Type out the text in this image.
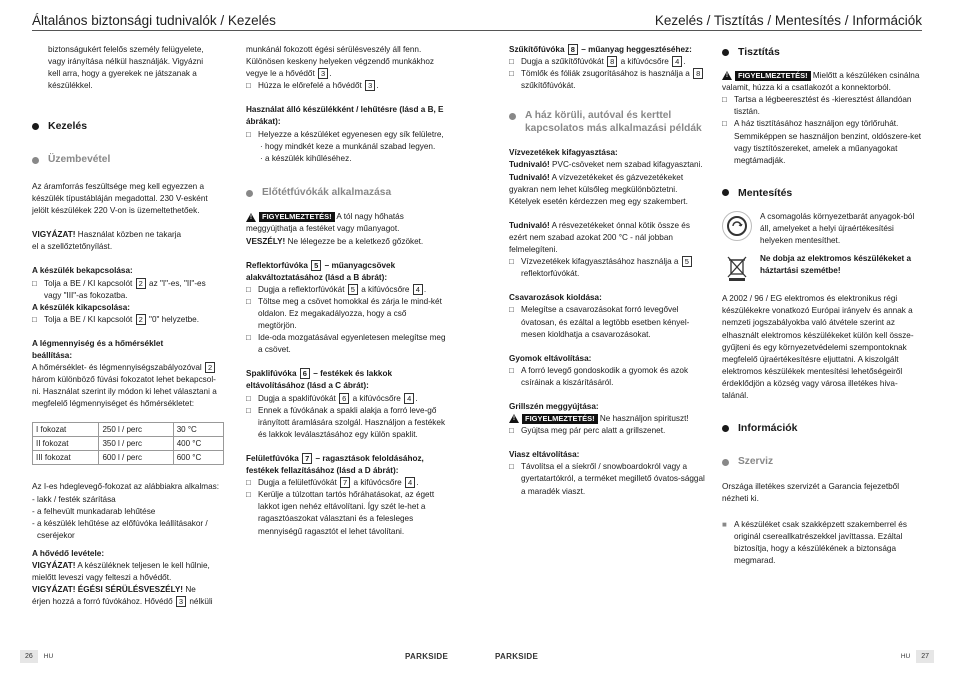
Általános biztonsági tudnivalók / Kezelés

biztonságukért felelős személy felügyelete,

vagy irányítása nélkül használják. Vigyázni

kell arra, hogy a gyerekek ne játszanak a

készülékkel.

Kezelés
Üzembevétel

Az áramforrás feszültsége meg kell egyezzen a

készülék típustábláján megadottal. 230 V-esként

jelölt készülékek 220 V-on is üzemeltethetőek.

VIGYÁZAT! Használat közben ne takarja

el a szellőztetőnyílást.

A készülék bekapcsolása:

□ Tolja a BE / KI kapcsolót 2 az "I"-es, "II"-es
vagy "III"-as fokozatba.

A készülék kikapcsolása:

□ Tolja a BE / KI kapcsolót 2 "0" helyzetbe.

A légmennyiség és a hőmérséklet

beállítása:

A hőmérséklet- és légmennyiségszabályozóval 2

három különböző fúvási fokozatot lehet bekapcsol-

ni. Használat szerint ily módon ki lehet választani a

megfelelő légmennyiséget és hőmérsékletet:

I fokozat	250 l / perc	30 °C
II fokozat	350 l / perc	400 °C
III fokozat	600 l / perc	600 °C

Az I-es hdeglevegő-fokozat az alábbiakra alkalmas:

- lakk / festék szárítása

- a felhevült munkadarab lehűtése

- a készülék lehűtése az előfúvóka leállításakor /

cseréjekor

A hővédő levétele:

VIGYÁZAT! A készüléknek teljesen le kell hűlnie,

mielőtt leveszi vagy felteszi a hővédőt.

VIGYÁZAT! ÉGÉSI SÉRÜLÉSVESZÉLY! Ne

érjen hozzá a forró fúvókához. Hővédő 3 nélküli

munkánál fokozott égési sérülésveszély áll fenn.

Különösen keskeny helyeken végzendő munkákhoz

vegye le a hővédőt 3 .

□ Húzza le előrefelé a hővédőt 3 .

Használat álló készülékként / lehűtésre (lásd a B, E ábrákat):

□ Helyezze a készüléket egyenesen egy sík felületre,

· hogy mindkét keze a munkánál szabad legyen.

· a készülék kihűléséhez.

Előtétfúvókák alkalmazása

!	FIGYELMEZTETÉS! A tól nagy hőhatás

meggyújthatja a festéket vagy műanyagot.

VESZÉLY! Ne lélegezze be a keletkező gőzöket.

Reflektorfúvóka 5 – műanyagcsövek alakváltoztatásához (lásd a B ábrát):

□ Dugja a reflektorfúvókát 5 a kifúvócsőre 4 .
□ Töltse meg a csövet homokkal és zárja le mind-két oldalon. Ez megakadályozza, hogy a cső megtörjön.
□ Ide-oda mozgatásával egyenletesen melegítse meg a csövet.

Spaklifúvóka 6 – festékek és lakkok eltávolításához (lásd a C ábrát):

□ Dugja a spaklifúvókát 6 a kifúvócsőre 4 .
□ Ennek a fúvókának a spakli alakja a forró leve-gő irányított áramlására szolgál. Használjon a festékek és lakkok leválasztásához egy külön spaklit.

Felületfúvóka 7 – ragasztások feloldásához, festékek fellazításához (lásd a D ábrát):

□ Dugja a felületfúvókát 7 a kifúvócsőre 4 .
□ Kerülje a túlzottan tartós hőráhatásokat, az égett lakkot igen nehéz eltávolítani. Így szét le-het a ragasztóaszokat választani és a felesleges mennyiségű ragasztót el lehet távolítani.
26	HU	PARKSIDE
Kezelés / Tisztítás / Mentesítés / Információk

Szűkítőfúvóka 8 – műanyag heggesztéséhez:

□ Dugja a szűkítőfúvókát 8 a kifúvócsőre 4 .
□ Tömlők és fóliák zsugorításához is használja a 8 szűkítőfúvókát.
A ház körüli, autóval és kerttel kapcsolatos más alkalmazási példák

Vízvezetékek kifagyasztása:

Tudnivaló! PVC-csöveket nem szabad kifagyasztani.

Tudnivaló! A vízvezetékeket és gázvezetékeket gyakran nem lehet külsőleg megkülönböztetni. Kételyek esetén kérdezzen meg egy szakembert.

Tudnivaló! A résvezetékeket ónnal kötik össze és ezért nem szabad azokat 200 °C - nál jobban felmelegíteni.

□ Vízvezetékek kifagyasztásához használja a 5 reflektorfúvókát.

Csavarozások kioldása:

□ Melegítse a csavarozásokat forró levegővel óvatosan, és ezáltal a legtöbb esetben kényel-mesen kioldhatja a csavarozásokat.

Gyomok eltávolítása:

□ A forró levegő gondoskodik a gyomok és azok csíráinak a kiszárításáról.

Grillszén meggyújtása:

!	FIGYELMEZTETÉS! Ne használjon spirituszt!

□ Gyújtsa meg pár perc alatt a grillszenet.

Viasz eltávolítása:

□ Távolítsa el a síekről / snowboardokról vagy a gyertatartókról, a terméket megillető óvatos-sággal a maradék viaszt.
Tisztítás

!	FIGYELMEZTETÉS! Mielőtt a készüléken csinálna valamit, húzza ki a csatlakozót a konnektorból.

□ Tartsa a légbeeresztést és -kieresztést állandóan tisztán.
□ A ház tisztításához használjon egy törlőruhát. Semmiképpen se használjon benzint, oldószere-ket vagy tisztítószereket, amelek a műanyagokat megtámadják.
Mentesítés

A csomagolás környezetbarát anyagok-ból áll, amelyeket a helyi újraértékesítési helyeken mentesíthet.

Ne dobja az elektromos készülékeket a háztartási szemétbe!

A 2002 / 96 / EG elektromos és elektronikus régi készülékekre vonatkozó Európai irányelv és annak a nemzeti jogszabályokba való átvétele szerint az elhasznált elektromos készülékeket külön kell össze-gyűjteni és egy környezetvédelemi szempontoknak megfelelő újraértékesítésre eljuttatni. A kiszolgált elektromos készülékek mentesítési lehetőségeiről érdeklődjön a község vagy városa illetékes hiva-talánál.

Információk
Szerviz

Országa illetékes szervizét a Garancia fejezetből nézheti ki.

■ A készüléket csak szakképzett szakemberrel és originál csereallkatrészekkel javíttassa. Ezáltal biztosítja, hogy a készülékének a biztonsága megmarad.
PARKSIDE	HU	27
